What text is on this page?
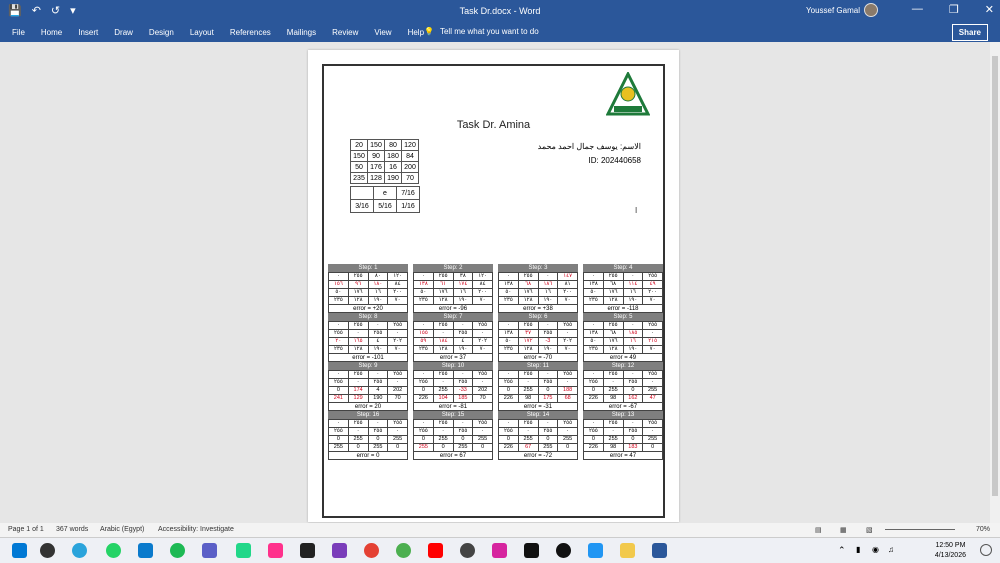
💾 ↶ ↺ ▾	Task Dr.docx - Word	Youssef Gamal	— ❐ ✕
File Home Insert Draw Design Layout References Mailings Review View Help 💡 Tell me what you want to do	Share
Task Dr. Amina
الاسم: يوسف جمال احمد محمد
ID: 202440658
20	150	80	120
150	90	180	84
50	176	16	200
235	128	190	70
	e	7/16
3/16	5/16	1/16	I
Step: 1
٠	٢٥٥	٨٠	١٢٠
١٥٦	٩٦	١٨٠	٨٤
٥٠	١٧٦	١٦	٢٠٠
٢٣٥	١٢٨	١٩٠	٧٠
error = +20
Step: 2
٠	٢٥٥	٣٨	١٢٠
١٣٨	٦١	١٧٤	٨٤
٥٠	١٧٦	١٦	٢٠٠
٢٣٥	١٢٨	١٩٠	٧٠
error = -96
Step: 3
٠	٢٥٥	٠	١٤٧
١٣٨	٦٨	١٨٦	٨١
٥٠	١٧٦	١٦	٢٠٠
٢٣٥	١٢٨	١٩٠	٧٠
error = +38
Step: 4
٠	٢٥٥	٠	٢٥٥
١٣٨	٦٨	١١٤	٤٩
٥٠	١٧٦	١٦	٢٠٠
٢٣٥	١٢٨	١٩٠	٧٠
error = -118
Step: 8
٠	٢٥٥	٠	٢٥٥
٢٥٥	٠	٢٥٥	٠
٢٠	١٦٥	٤	٢٠٢
٢٣٥	١٢٨	١٩٠	٧٠
error = -101
Step: 7
٠	٢٥٥	٠	٢٥٥
١٥٥	٠	٢٥٥	٠
٥٩	١٨٤	٤	٢٠٢
٢٣٥	١٢٨	١٩٠	٧٠
error = 37
Step: 6
٠	٢٥٥	٠	٢٥٥
١٣٨	٣٧	٢٥٥	٠
٥٠	١٧٢	-3	٢٠٢
٢٣٥	١٢٨	١٩٠	٧٠
error = -70
Step: 5
٠	٢٥٥	٠	٢٥٥
١٣٨	٦٨	١٨٥	٠
٥٠	١٧٦	١٦	٢١٥
٢٣٥	١٢٨	١٩٠	٧٠
error = 49
Step: 9
٠	٢٥٥	٠	٢٥٥
٢٥٥	٠	٢٥٥	٠
0	174	4	202
241	129	190	70
error = 20
Step: 10
٠	٢٥٥	٠	٢٥٥
٢٥٥	٠	٢٥٥	٠
0	255	-33	202
226	104	185	70
error = -81
Step: 11
٠	٢٥٥	٠	٢٥٥
٢٥٥	٠	٢٥٥	٠
0	255	0	188
226	98	175	68
error = -31
Step: 12
٠	٢٥٥	٠	٢٥٥
٢٥٥	٠	٢٥٥	٠
0	255	0	255
226	98	162	47
error = -67
Step: 16
٠	٢٥٥	٠	٢٥٥
٢٥٥	٠	٢٥٥	٠
0	255	0	255
255	0	255	0
error = 0
Step: 15
٠	٢٥٥	٠	٢٥٥
٢٥٥	٠	٢٥٥	٠
0	255	0	255
255	0	255	0
error = 67
Step: 14
٠	٢٥٥	٠	٢٥٥
٢٥٥	٠	٢٥٥	٠
0	255	0	255
226	67	255	0
error = -72
Step: 13
٠	٢٥٥	٠	٢٥٥
٢٥٥	٠	٢٥٥	٠
0	255	0	255
226	98	183	0
error = 47
Page 1 of 1 367 words Arabic (Egypt) Accessibility: Investigate	▤	▦	▧	70%
⌃ ▮ ◉ ♫	12:50 PM
4/13/2026
